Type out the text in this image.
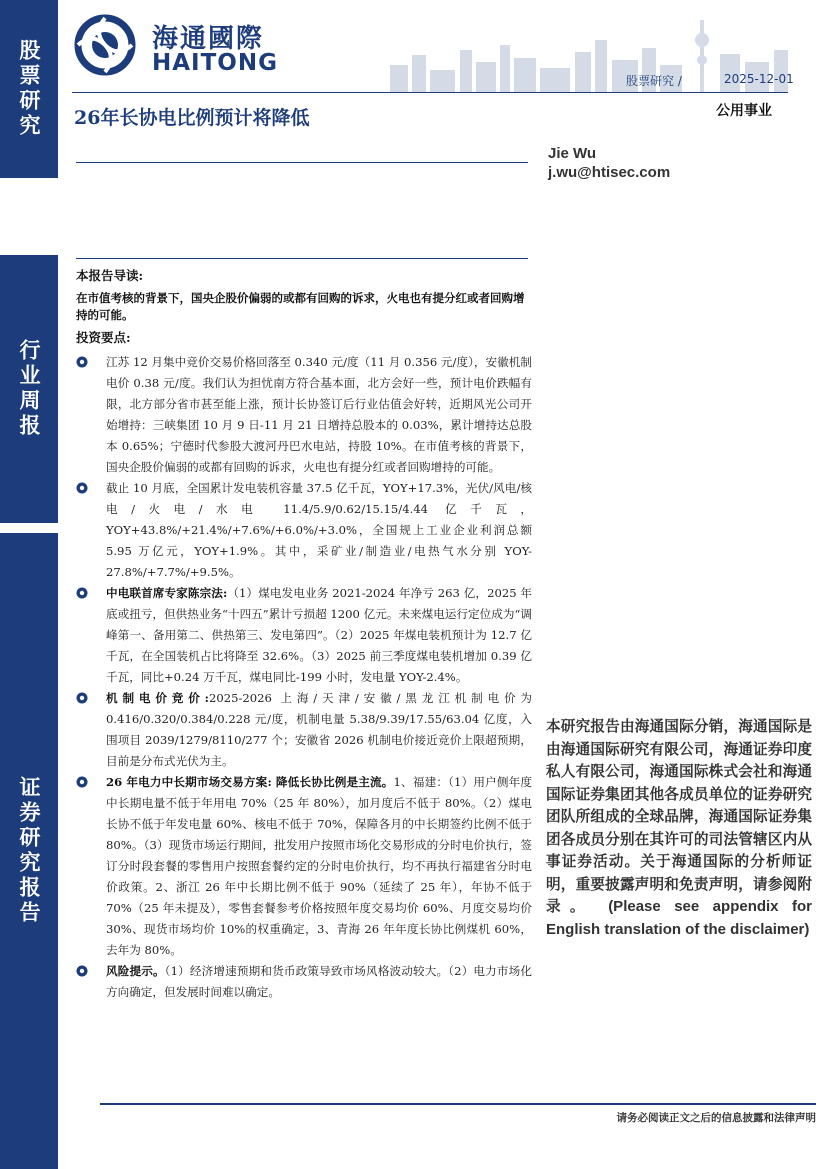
股票研究
行业周报
证券研究报告
海通國際
HAITONG
股票研究 /	2025-12-01
公用事业
26年长协电比例预计将降低
Jie Wu
j.wu@htisec.com
本报告导读:
在市值考核的背景下，国央企股价偏弱的或都有回购的诉求，火电也有提分红或者回购增持的可能。
投资要点:
江苏 12 月集中竞价交易价格回落至 0.340 元/度（11 月 0.356 元/度），安徽机制电价 0.38 元/度。我们认为担忧南方符合基本面，北方会好一些，预计电价跌幅有限，北方部分省市甚至能上涨，预计长协签订后行业估值会好转，近期风光公司开始增持：三峡集团 10 月 9 日-11 月 21 日增持总股本的 0.03%，累计增持达总股本 0.65%；宁德时代参股大渡河丹巴水电站，持股 10%。在市值考核的背景下，国央企股价偏弱的或都有回购的诉求，火电也有提分红或者回购增持的可能。
截止 10 月底，全国累计发电装机容量 37.5 亿千瓦，YOY+17.3%，光伏/风电/核电/火电/水电 11.4/5.9/0.62/15.15/4.44 亿千瓦，YOY+43.8%/+21.4%/+7.6%/+6.0%/+3.0%，全国规上工业企业利润总额 5.95 万亿元，YOY+1.9%。其中，采矿业/制造业/电热气水分别 YOY-27.8%/+7.7%/+9.5%。
中电联首席专家陈宗法:（1）煤电发电业务 2021-2024 年净亏 263 亿，2025 年底或扭亏，但供热业务“十四五”累计亏损超 1200 亿元。未来煤电运行定位成为“调峰第一、备用第二、供热第三、发电第四”。（2）2025 年煤电装机预计为 12.7 亿千瓦，在全国装机占比将降至 32.6%。（3）2025 前三季度煤电装机增加 0.39 亿千瓦，同比+0.24 万千瓦，煤电同比-199 小时，发电量 YOY-2.4%。
机制电价竞价:2025-2026 上海/天津/安徽/黑龙江机制电价为 0.416/0.320/0.384/0.228 元/度，机制电量 5.38/9.39/17.55/63.04 亿度，入围项目 2039/1279/8110/277 个；安徽省 2026 机制电价接近竞价上限超预期，目前是分布式光伏为主。
26 年电力中长期市场交易方案: 降低长协比例是主流。1、福建：（1）用户侧年度中长期电量不低于年用电 70%（25 年 80%），加月度后不低于 80%。（2）煤电长协不低于年发电量 60%、核电不低于 70%，保障各月的中长期签约比例不低于 80%。（3）现货市场运行期间，批发用户按照市场化交易形成的分时电价执行，签订分时段套餐的零售用户按照套餐约定的分时电价执行，均不再执行福建省分时电价政策。2、浙江 26 年中长期比例不低于 90%（延续了 25 年），年协不低于 70%（25 年未提及），零售套餐参考价格按照年度交易均价 60%、月度交易均价 30%、现货市场均价 10%的权重确定，3、青海 26 年年度长协比例煤机 60%，去年为 80%。
风险提示。（1）经济增速预期和货币政策导致市场风格波动较大。（2）电力市场化方向确定，但发展时间难以确定。
本研究报告由海通国际分销，海通国际是由海通国际研究有限公司，海通证券印度私人有限公司，海通国际株式会社和海通国际证券集团其他各成员单位的证券研究团队所组成的全球品牌，海通国际证券集团各成员分别在其许可的司法管辖区内从事证券活动。关于海通国际的分析师证明，重要披露声明和免责声明，请参阅附录。 (Please see appendix for English translation of the disclaimer)
请务必阅读正文之后的信息披露和法律声明
